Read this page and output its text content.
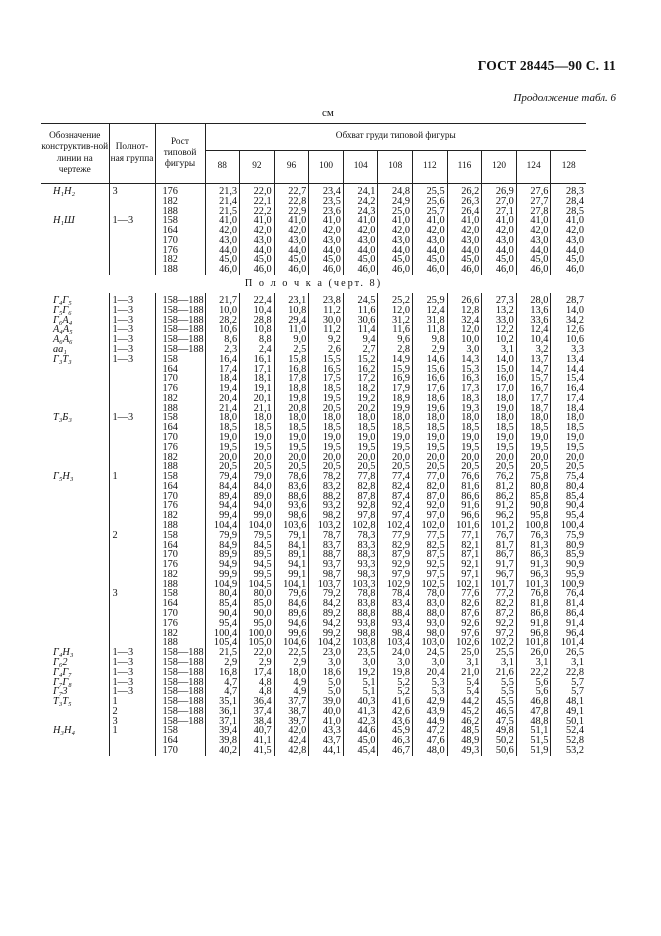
ГОСТ 28445—90 С. 11
Продолжение табл. 6
см
Обозначение конструктив-ной линии на чертеже	Полнот-ная группа	Рост типовой фигуры	Обхват груди типовой фигуры										
			88	92	96	100	104	108	112	116	120	124	128
Н₁Н₂	3	176	21,3	22,0	22,7	23,4	24,1	24,8	25,5	26,2	26,9	27,6	28,3
		182	21,4	22,1	22,8	23,5	24,2	24,9	25,6	26,3	27,0	27,7	28,4
		188	21,5	22,2	22,9	23,6	24,3	25,0	25,7	26,4	27,1	27,8	28,5
Н₁Ш	1—3	158	41,0	41,0	41,0	41,0	41,0	41,0	41,0	41,0	41,0	41,0	41,0
		164	42,0	42,0	42,0	42,0	42,0	42,0	42,0	42,0	42,0	42,0	42,0
		170	43,0	43,0	43,0	43,0	43,0	43,0	43,0	43,0	43,0	43,0	43,0
		176	44,0	44,0	44,0	44,0	44,0	44,0	44,0	44,0	44,0	44,0	44,0
		182	45,0	45,0	45,0	45,0	45,0	45,0	45,0	45,0	45,0	45,0	45,0
		188	46,0	46,0	46,0	46,0	46,0	46,0	46,0	46,0	46,0	46,0	46,0
П о л о ч к а (черт. 8)													
Г₄Г₅	1—3	158—188	21,7	22,4	23,1	23,8	24,5	25,2	25,9	26,6	27,3	28,0	28,7
Г₅Г₆	1—3	158—188	10,0	10,4	10,8	11,2	11,6	12,0	12,4	12,8	13,2	13,6	14,0
Г₆А₄	1—3	158—188	28,2	28,8	29,4	30,0	30,6	31,2	31,8	32,4	33,0	33,6	34,2
А₄А₅	1—3	158—188	10,6	10,8	11,0	11,2	11,4	11,6	11,8	12,0	12,2	12,4	12,6
А₆А₆	1—3	158—188	8,6	8,8	9,0	9,2	9,4	9,6	9,8	10,0	10,2	10,4	10,6
аа₁	1—3	158—188	2,3	2,4	2,5	2,6	2,7	2,8	2,9	3,0	3,1	3,2	3,3
Г₃Т₃	1—3	158	16,4	16,1	15,8	15,5	15,2	14,9	14,6	14,3	14,0	13,7	13,4
		164	17,4	17,1	16,8	16,5	16,2	15,9	15,6	15,3	15,0	14,7	14,4
		170	18,4	18,1	17,8	17,5	17,2	16,9	16,6	16,3	16,0	15,7	15,4
		176	19,4	19,1	18,8	18,5	18,2	17,9	17,6	17,3	17,0	16,7	16,4
		182	20,4	20,1	19,8	19,5	19,2	18,9	18,6	18,3	18,0	17,7	17,4
		188	21,4	21,1	20,8	20,5	20,2	19,9	19,6	19,3	19,0	18,7	18,4
Т₃Б₃	1—3	158	18,0	18,0	18,0	18,0	18,0	18,0	18,0	18,0	18,0	18,0	18,0
		164	18,5	18,5	18,5	18,5	18,5	18,5	18,5	18,5	18,5	18,5	18,5
		170	19,0	19,0	19,0	19,0	19,0	19,0	19,0	19,0	19,0	19,0	19,0
		176	19,5	19,5	19,5	19,5	19,5	19,5	19,5	19,5	19,5	19,5	19,5
		182	20,0	20,0	20,0	20,0	20,0	20,0	20,0	20,0	20,0	20,0	20,0
		188	20,5	20,5	20,5	20,5	20,5	20,5	20,5	20,5	20,5	20,5	20,5
Г₅Н₃	1	158	79,4	79,0	78,6	78,2	77,8	77,4	77,0	76,6	76,2	75,8	75,4
		164	84,4	84,0	83,6	83,2	82,8	82,4	82,0	81,6	81,2	80,8	80,4
		170	89,4	89,0	88,6	88,2	87,8	87,4	87,0	86,6	86,2	85,8	85,4
		176	94,4	94,0	93,6	93,2	92,8	92,4	92,0	91,6	91,2	90,8	90,4
		182	99,4	99,0	98,6	98,2	97,8	97,4	97,0	96,6	96,2	95,8	95,4
		188	104,4	104,0	103,6	103,2	102,8	102,4	102,0	101,6	101,2	100,8	100,4
	2	158	79,9	79,5	79,1	78,7	78,3	77,9	77,5	77,1	76,7	76,3	75,9
		164	84,9	84,5	84,1	83,7	83,3	82,9	82,5	82,1	81,7	81,3	80,9
		170	89,9	89,5	89,1	88,7	88,3	87,9	87,5	87,1	86,7	86,3	85,9
		176	94,9	94,5	94,1	93,7	93,3	92,9	92,5	92,1	91,7	91,3	90,9
		182	99,9	99,5	99,1	98,7	98,3	97,9	97,5	97,1	96,7	96,3	95,9
		188	104,9	104,5	104,1	103,7	103,3	102,9	102,5	102,1	101,7	101,3	100,9
	3	158	80,4	80,0	79,6	79,2	78,8	78,4	78,0	77,6	77,2	76,8	76,4
		164	85,4	85,0	84,6	84,2	83,8	83,4	83,0	82,6	82,2	81,8	81,4
		170	90,4	90,0	89,6	89,2	88,8	88,4	88,0	87,6	87,2	86,8	86,4
		176	95,4	95,0	94,6	94,2	93,8	93,4	93,0	92,6	92,2	91,8	91,4
		182	100,4	100,0	99,6	99,2	98,8	98,4	98,0	97,6	97,2	96,8	96,4
		188	105,4	105,0	104,6	104,2	103,8	103,4	103,0	102,6	102,2	101,8	101,4
Г₄Н₃	1—3	158—188	21,5	22,0	22,5	23,0	23,5	24,0	24,5	25,0	25,5	26,0	26,5
Г₆2	1—3	158—188	2,9	2,9	2,9	3,0	3,0	3,0	3,0	3,1	3,1	3,1	3,1
Г₄Г₇	1—3	158—188	16,8	17,4	18,0	18,6	19,2	19,8	20,4	21,0	21,6	22,2	22,8
Г₇Г₈	1—3	158—188	4,7	4,8	4,9	5,0	5,1	5,2	5,3	5,4	5,5	5,6	5,7
Г₇3	1—3	158—188	4,7	4,8	4,9	5,0	5,1	5,2	5,3	5,4	5,5	5,6	5,7
Т₃Т₅	1	158—188	35,1	36,4	37,7	39,0	40,3	41,6	42,9	44,2	45,5	46,8	48,1
	2	158—188	36,1	37,4	38,7	40,0	41,3	42,6	43,9	45,2	46,5	47,8	49,1
	3	158—188	37,1	38,4	39,7	41,0	42,3	43,6	44,9	46,2	47,5	48,8	50,1
Н₃Н₄	1	158	39,4	40,7	42,0	43,3	44,6	45,9	47,2	48,5	49,8	51,1	52,4
		164	39,8	41,1	42,4	43,7	45,0	46,3	47,6	48,9	50,2	51,5	52,8
		170	40,2	41,5	42,8	44,1	45,4	46,7	48,0	49,3	50,6	51,9	53,2
